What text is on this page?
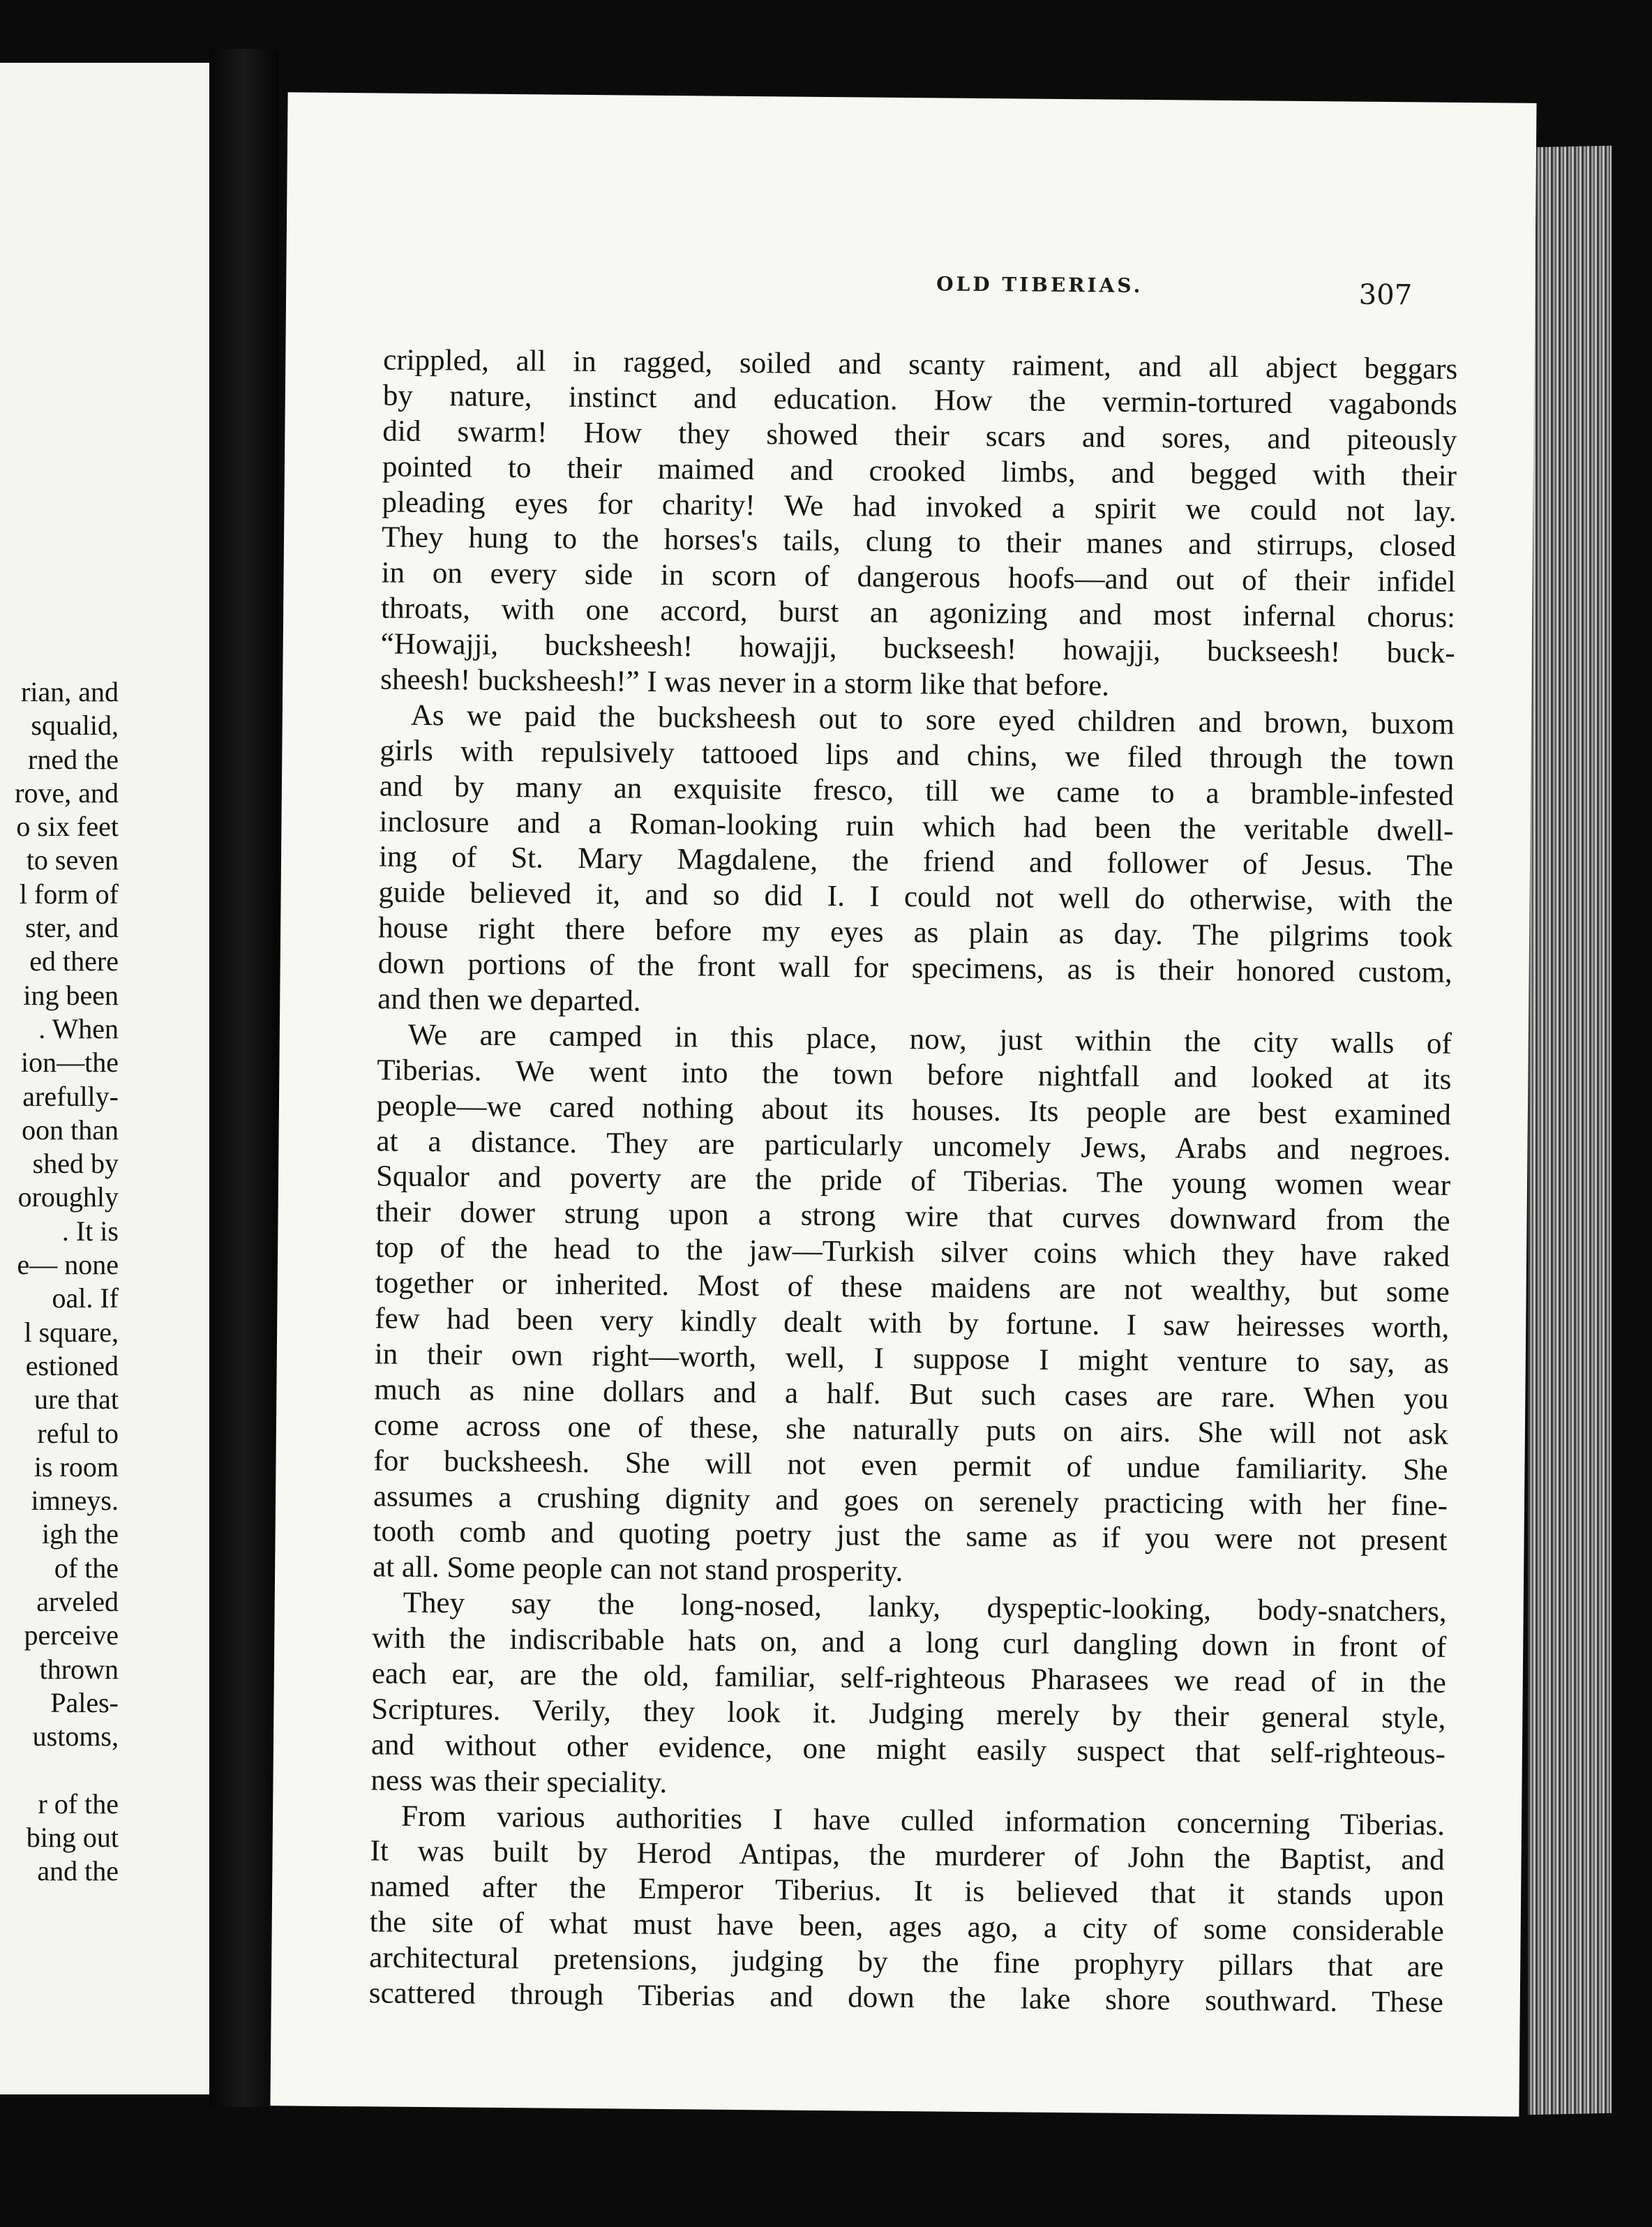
rian, and
squalid,
rned the
rove, and
o six feet
to seven
l form of
ster, and
ed there
ing been
. When
ion—the
arefully-
oon than
shed by
oroughly
. It is
e— none
oal. If
l square,
estioned
ure that
reful to
is room
imneys.
igh the
of the
arveled
perceive
thrown
Pales-
ustoms,
r of the
bing out
and the
OLD TIBERIAS.	307
crippled, all in ragged, soiled and scanty raiment, and all abject beggars
by nature, instinct and education. How the vermin-tortured vagabonds
did swarm! How they showed their scars and sores, and piteously
pointed to their maimed and crooked limbs, and begged with their
pleading eyes for charity! We had invoked a spirit we could not lay.
They hung to the horses's tails, clung to their manes and stirrups, closed
in on every side in scorn of dangerous hoofs—and out of their infidel
throats, with one accord, burst an agonizing and most infernal chorus:
“Howajji, bucksheesh! howajji, buckseesh! howajji, buckseesh! buck-
sheesh! bucksheesh!” I was never in a storm like that before.
As we paid the bucksheesh out to sore eyed children and brown, buxom
girls with repulsively tattooed lips and chins, we filed through the town
and by many an exquisite fresco, till we came to a bramble-infested
inclosure and a Roman-looking ruin which had been the veritable dwell-
ing of St. Mary Magdalene, the friend and follower of Jesus. The
guide believed it, and so did I. I could not well do otherwise, with the
house right there before my eyes as plain as day. The pilgrims took
down portions of the front wall for specimens, as is their honored custom,
and then we departed.
We are camped in this place, now, just within the city walls of
Tiberias. We went into the town before nightfall and looked at its
people—we cared nothing about its houses. Its people are best examined
at a distance. They are particularly uncomely Jews, Arabs and negroes.
Squalor and poverty are the pride of Tiberias. The young women wear
their dower strung upon a strong wire that curves downward from the
top of the head to the jaw—Turkish silver coins which they have raked
together or inherited. Most of these maidens are not wealthy, but some
few had been very kindly dealt with by fortune. I saw heiresses worth,
in their own right—worth, well, I suppose I might venture to say, as
much as nine dollars and a half. But such cases are rare. When you
come across one of these, she naturally puts on airs. She will not ask
for bucksheesh. She will not even permit of undue familiarity. She
assumes a crushing dignity and goes on serenely practicing with her fine-
tooth comb and quoting poetry just the same as if you were not present
at all. Some people can not stand prosperity.
They say the long-nosed, lanky, dyspeptic-looking, body-snatchers,
with the indiscribable hats on, and a long curl dangling down in front of
each ear, are the old, familiar, self-righteous Pharasees we read of in the
Scriptures. Verily, they look it. Judging merely by their general style,
and without other evidence, one might easily suspect that self-righteous-
ness was their speciality.
From various authorities I have culled information concerning Tiberias.
It was built by Herod Antipas, the murderer of John the Baptist, and
named after the Emperor Tiberius. It is believed that it stands upon
the site of what must have been, ages ago, a city of some considerable
architectural pretensions, judging by the fine prophyry pillars that are
scattered through Tiberias and down the lake shore southward. These
